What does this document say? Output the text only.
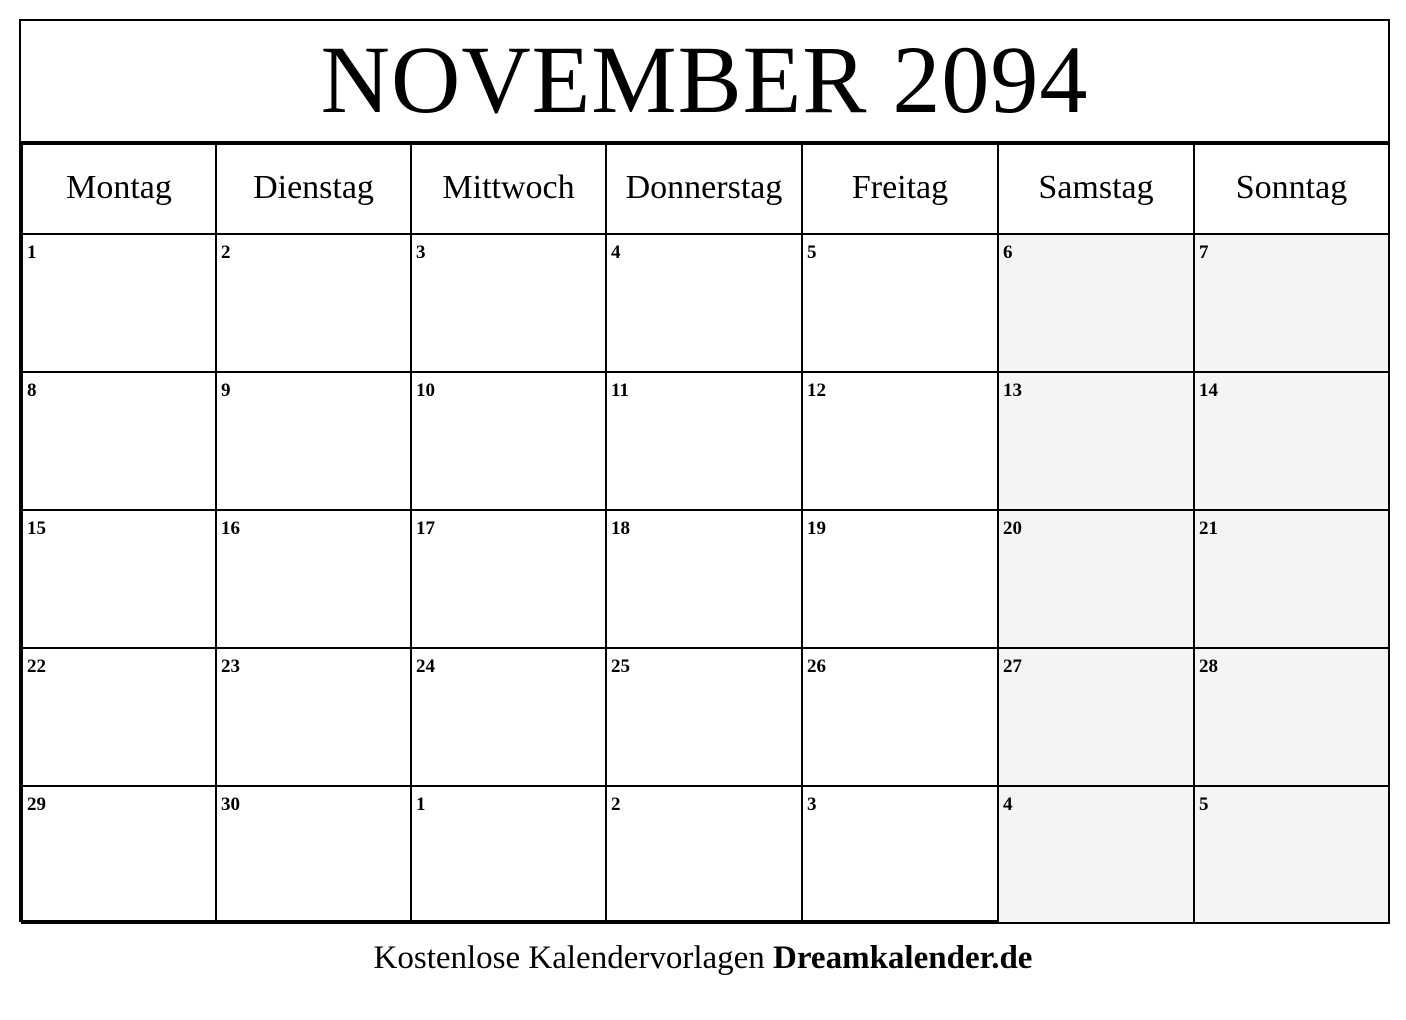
NOVEMBER 2094
Montag	Dienstag	Mittwoch	Donnerstag	Freitag	Samstag	Sonntag
1	2	3	4	5	6	7
8	9	10	11	12	13	14
15	16	17	18	19	20	21
22	23	24	25	26	27	28
29	30	1	2	3	4	5
Kostenlose Kalendervorlagen Dreamkalender.de
